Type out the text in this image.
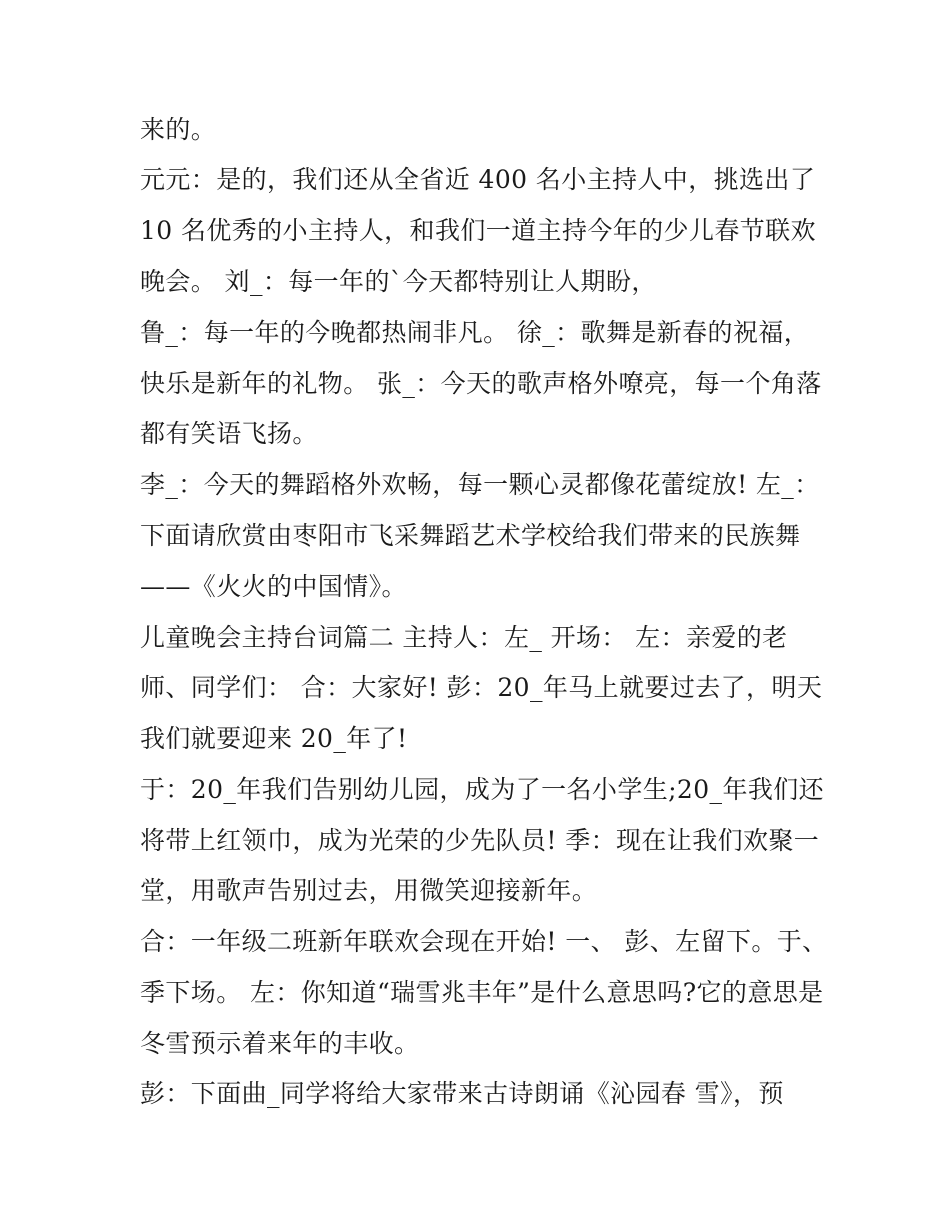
来的。
元元：是的，我们还从全省近 400 名小主持人中，挑选出了
10 名优秀的小主持人，和我们一道主持今年的少儿春节联欢
晚会。 刘_：每一年的`今天都特别让人期盼，
鲁_：每一年的今晚都热闹非凡。 徐_：歌舞是新春的祝福，
快乐是新年的礼物。 张_：今天的歌声格外嘹亮，每一个角落
都有笑语飞扬。
李_：今天的舞蹈格外欢畅，每一颗心灵都像花蕾绽放! 左_：
下面请欣赏由枣阳市飞采舞蹈艺术学校给我们带来的民族舞
——《火火的中国情》。
儿童晚会主持台词篇二 主持人：左_ 开场： 左：亲爱的老
师、同学们： 合：大家好! 彭：20_年马上就要过去了，明天
我们就要迎来 20_年了!
于：20_年我们告别幼儿园，成为了一名小学生;20_年我们还
将带上红领巾，成为光荣的少先队员! 季：现在让我们欢聚一
堂，用歌声告别过去，用微笑迎接新年。
合：一年级二班新年联欢会现在开始! 一、 彭、左留下。于、
季下场。 左：你知道“瑞雪兆丰年”是什么意思吗?它的意思是
冬雪预示着来年的丰收。
彭：下面曲_同学将给大家带来古诗朗诵《沁园春 雪》，预
